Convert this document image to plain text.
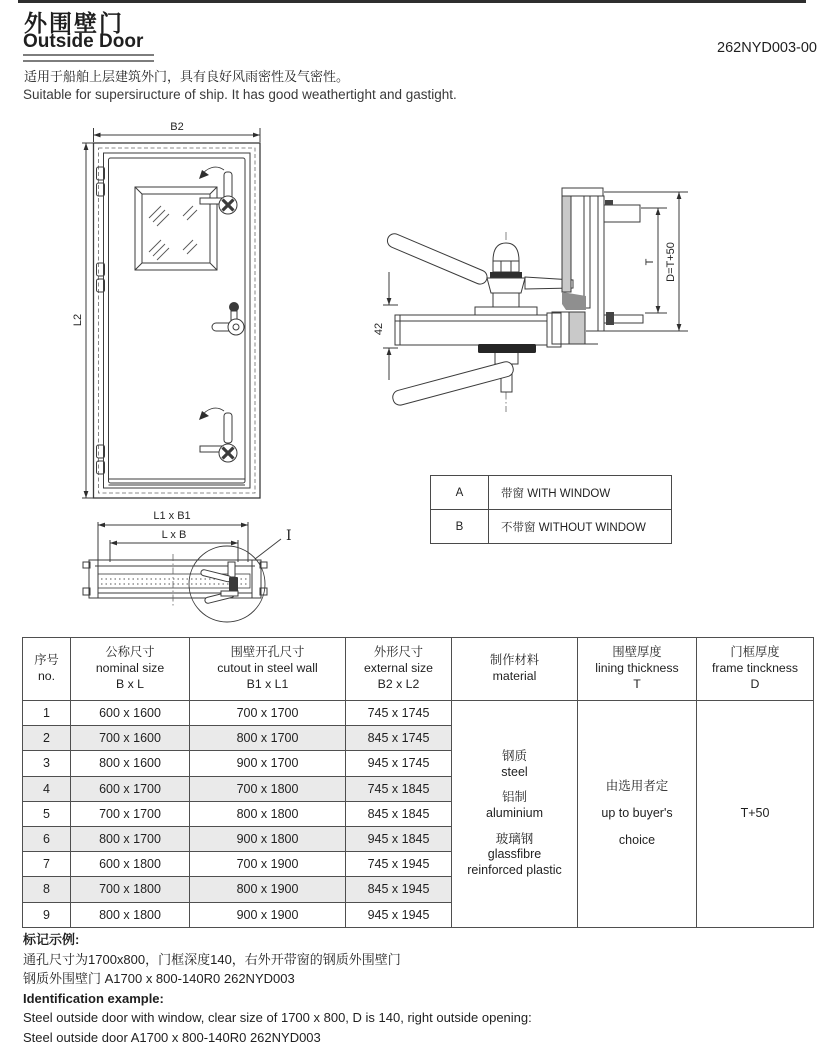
外围壁门
Outside Door	262NYD003-00
适用于船舶上层建筑外门，具有良好风雨密性及气密性。
Suitable for supersiructure of ship. It has good weathertight and gastight.
B2
L2
L1 x B1
L x B	I
42
T D=T+50
A	带窗 WITH WINDOW
B	不带窗 WITHOUT WINDOW
序号
no.

公称尺寸
nominal size
B x L

围壁开孔尺寸
cutout in steel wall
B1 x L1

外形尺寸
external size
B2 x L2

制作材料
material

围壁厚度
lining thickness
T

门框厚度
frame tinckness
D

1	600 x 1600	700 x 1700	745 x 1745	
钢质
steel
铝制
aluminium
玻璃钢
glassfibre
reinforced plastic

由选用者定
up to buyer's
choice
	T+50
2	700 x 1600	800 x 1700	845 x 1745			
3	800 x 1600	900 x 1700	945 x 1745			
4	600 x 1700	700 x 1800	745 x 1845			
5	700 x 1700	800 x 1800	845 x 1845			
6	800 x 1700	900 x 1800	945 x 1845			
7	600 x 1800	700 x 1900	745 x 1945			
8	700 x 1800	800 x 1900	845 x 1945			
9	800 x 1800	900 x 1900	945 x 1945			
标记示例:
通孔尺寸为1700x800，门框深度140，右外开带窗的钢质外围壁门
钢质外围壁门 A1700 x 800-140R0 262NYD003
Identification example:
Steel outside door with window, clear size of 1700 x 800, D is 140, right outside opening:
Steel outside door A1700 x 800-140R0 262NYD003
